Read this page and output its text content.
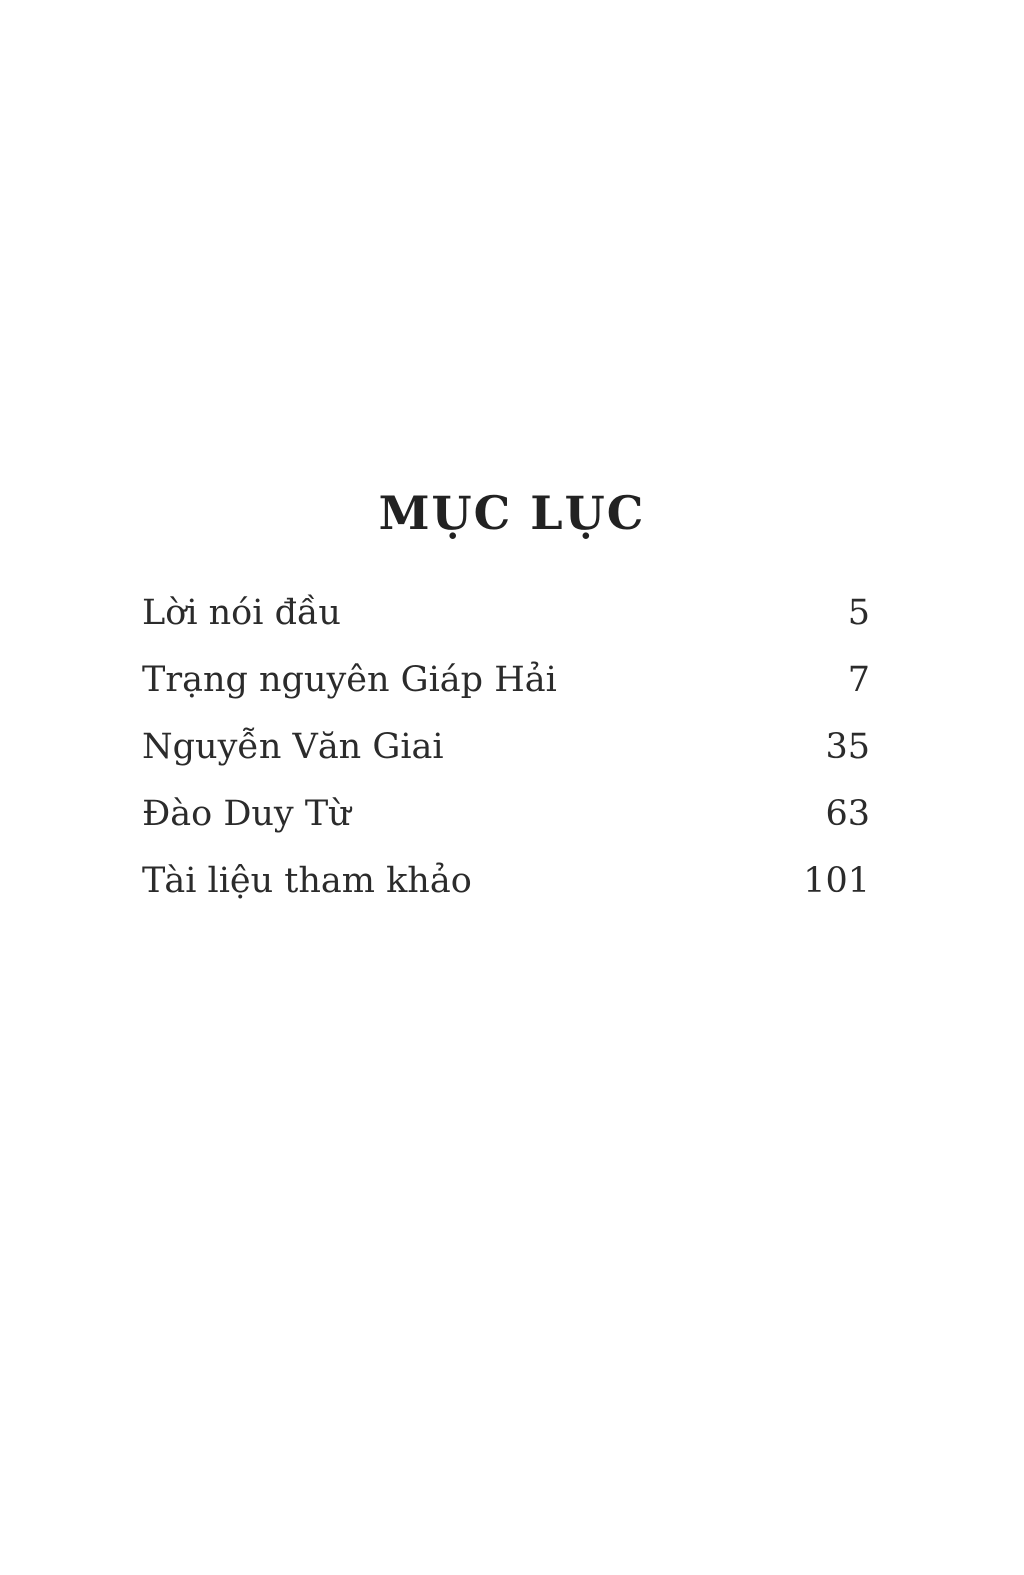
MỤC LỤC
Lời nói đầu	5
Trạng nguyên Giáp Hải	7
Nguyễn Văn Giai	35
Đào Duy Từ	63
Tài liệu tham khảo	101
